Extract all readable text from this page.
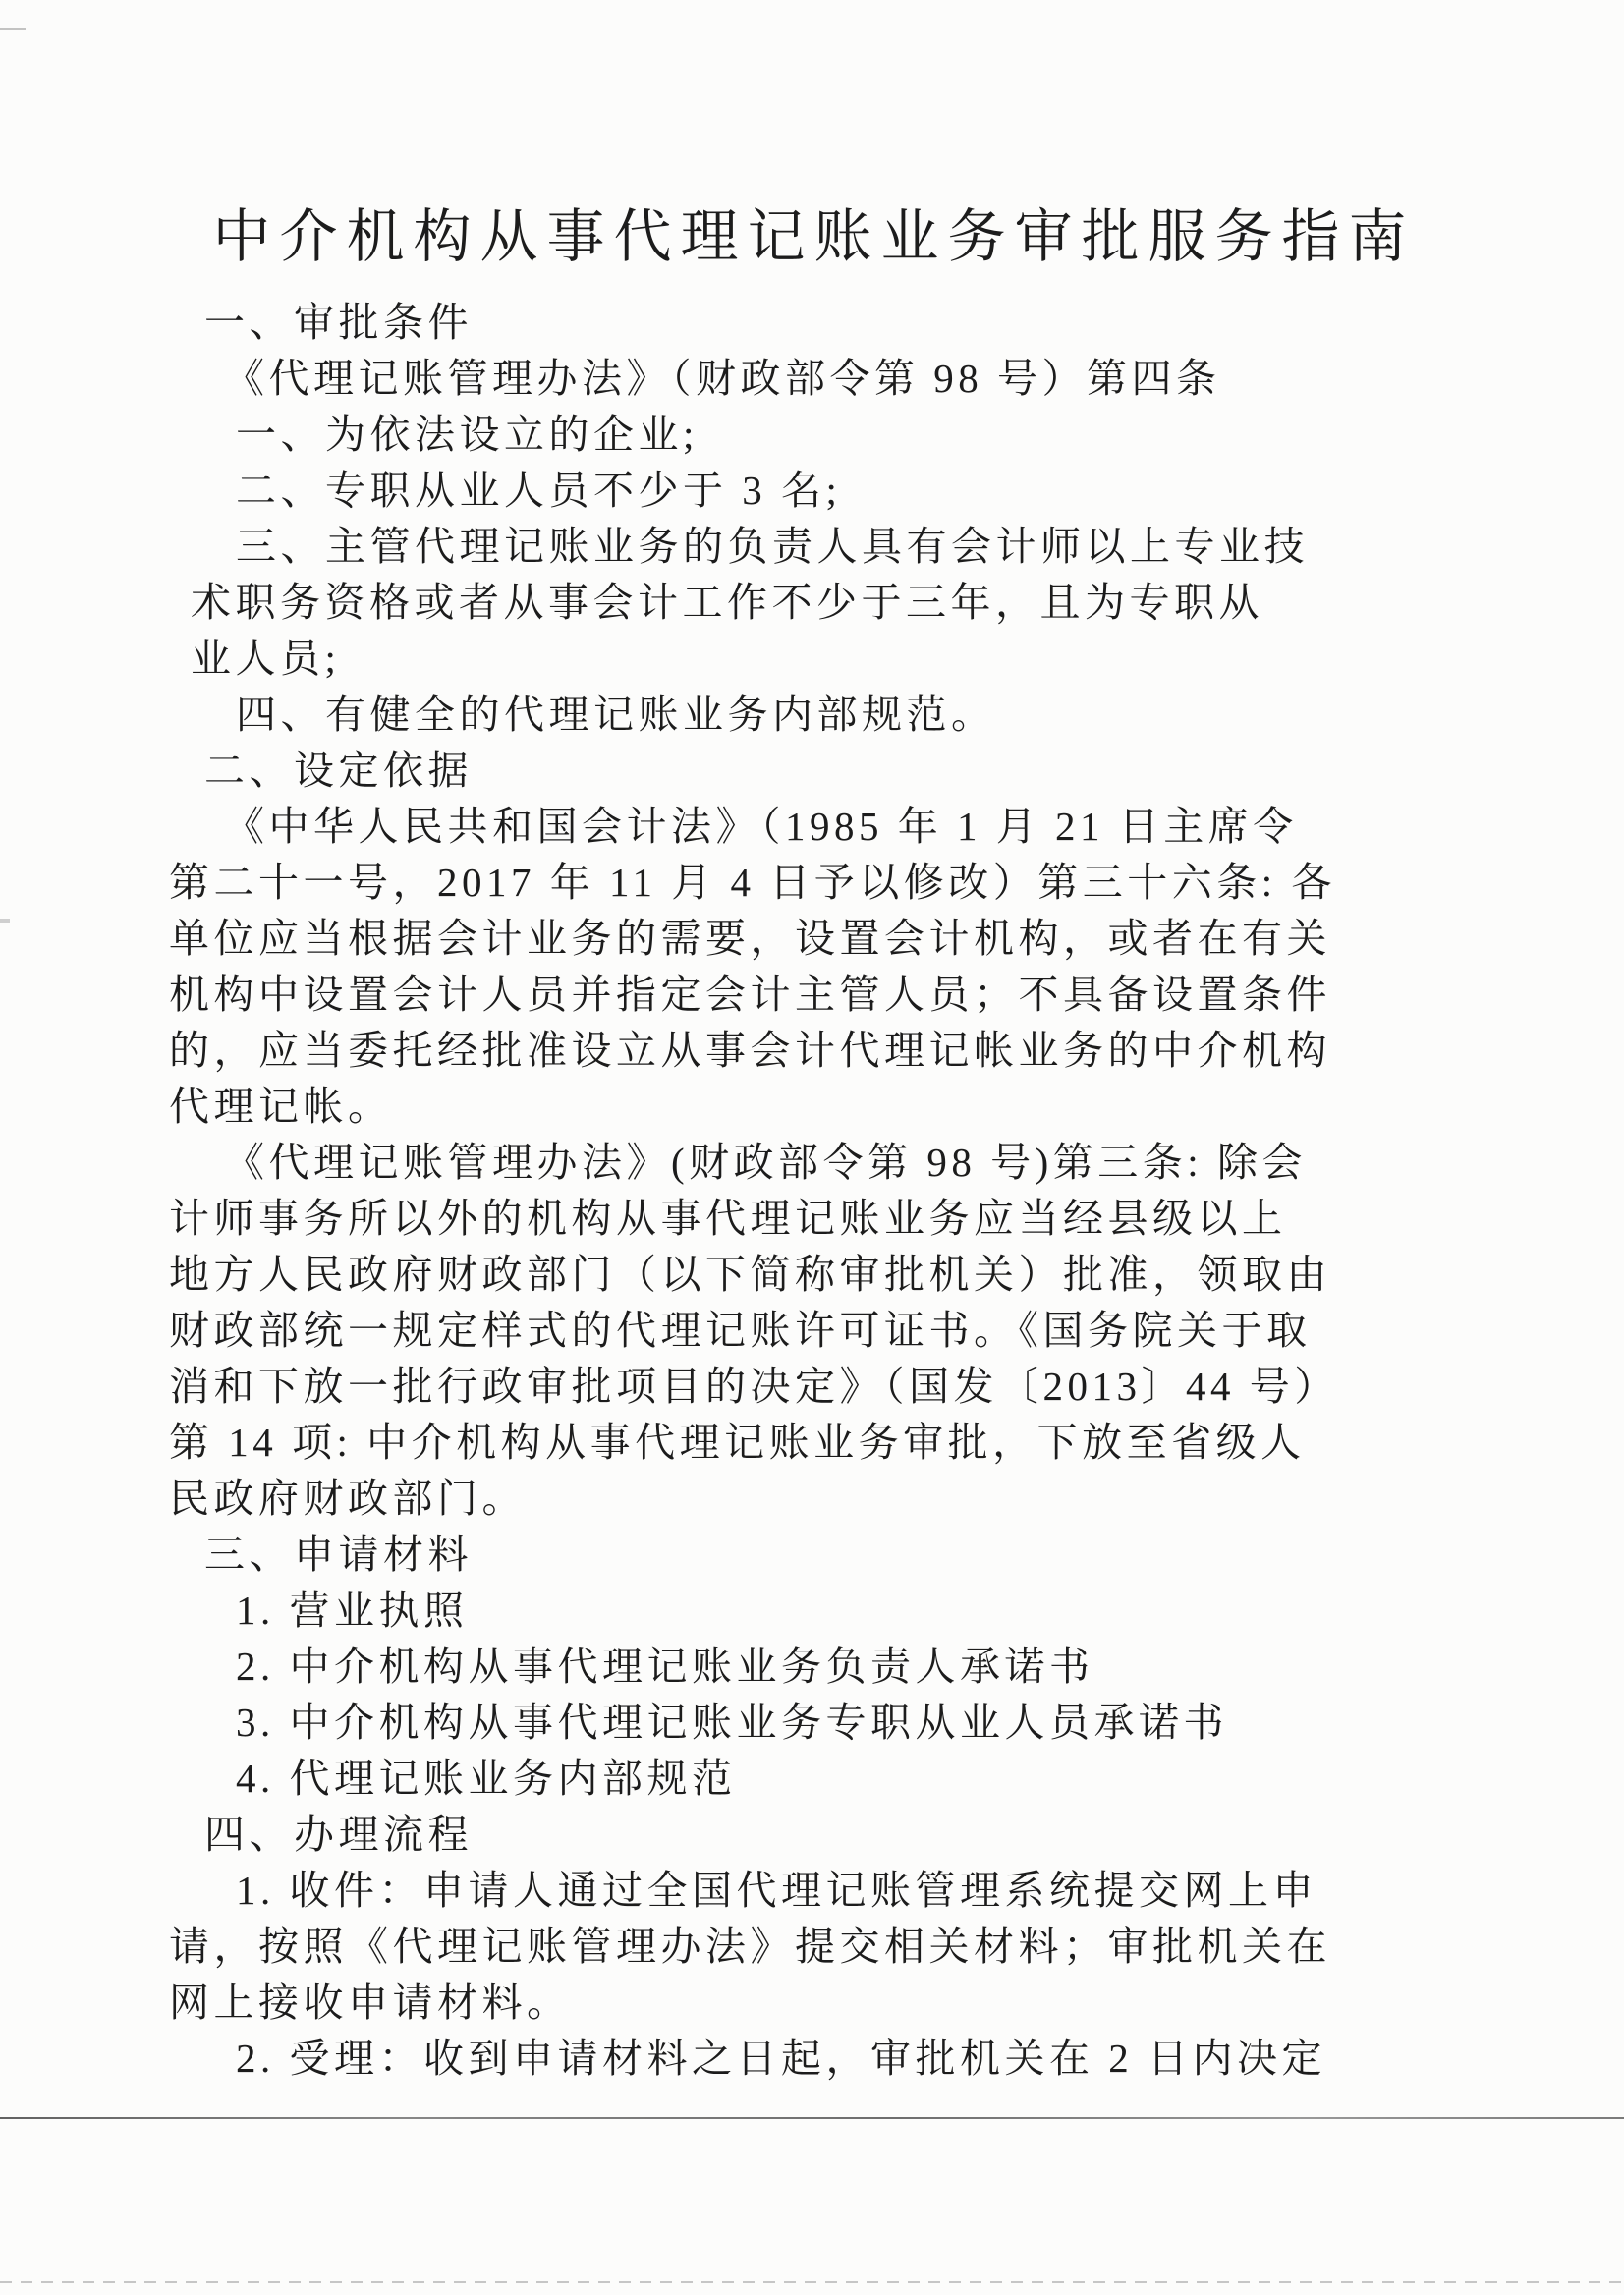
中介机构从事代理记账业务审批服务指南
一、审批条件
《代理记账管理办法》（财政部令第 98 号）第四条
一、为依法设立的企业;
二、专职从业人员不少于 3 名;
三、主管代理记账业务的负责人具有会计师以上专业技
术职务资格或者从事会计工作不少于三年，且为专职从
业人员;
四、有健全的代理记账业务内部规范。
二、设定依据
《中华人民共和国会计法》（1985 年 1 月 21 日主席令
第二十一号，2017 年 11 月 4 日予以修改）第三十六条: 各
单位应当根据会计业务的需要，设置会计机构，或者在有关
机构中设置会计人员并指定会计主管人员；不具备设置条件
的，应当委托经批准设立从事会计代理记帐业务的中介机构
代理记帐。
《代理记账管理办法》(财政部令第 98 号)第三条: 除会
计师事务所以外的机构从事代理记账业务应当经县级以上
地方人民政府财政部门（以下简称审批机关）批准，领取由
财政部统一规定样式的代理记账许可证书。《国务院关于取
消和下放一批行政审批项目的决定》（国发〔2013〕44 号）
第 14 项: 中介机构从事代理记账业务审批，下放至省级人
民政府财政部门。
三、申请材料
1. 营业执照
2. 中介机构从事代理记账业务负责人承诺书
3. 中介机构从事代理记账业务专职从业人员承诺书
4. 代理记账业务内部规范
四、办理流程
1. 收件：申请人通过全国代理记账管理系统提交网上申
请，按照《代理记账管理办法》提交相关材料；审批机关在
网上接收申请材料。
2. 受理：收到申请材料之日起，审批机关在 2 日内决定
